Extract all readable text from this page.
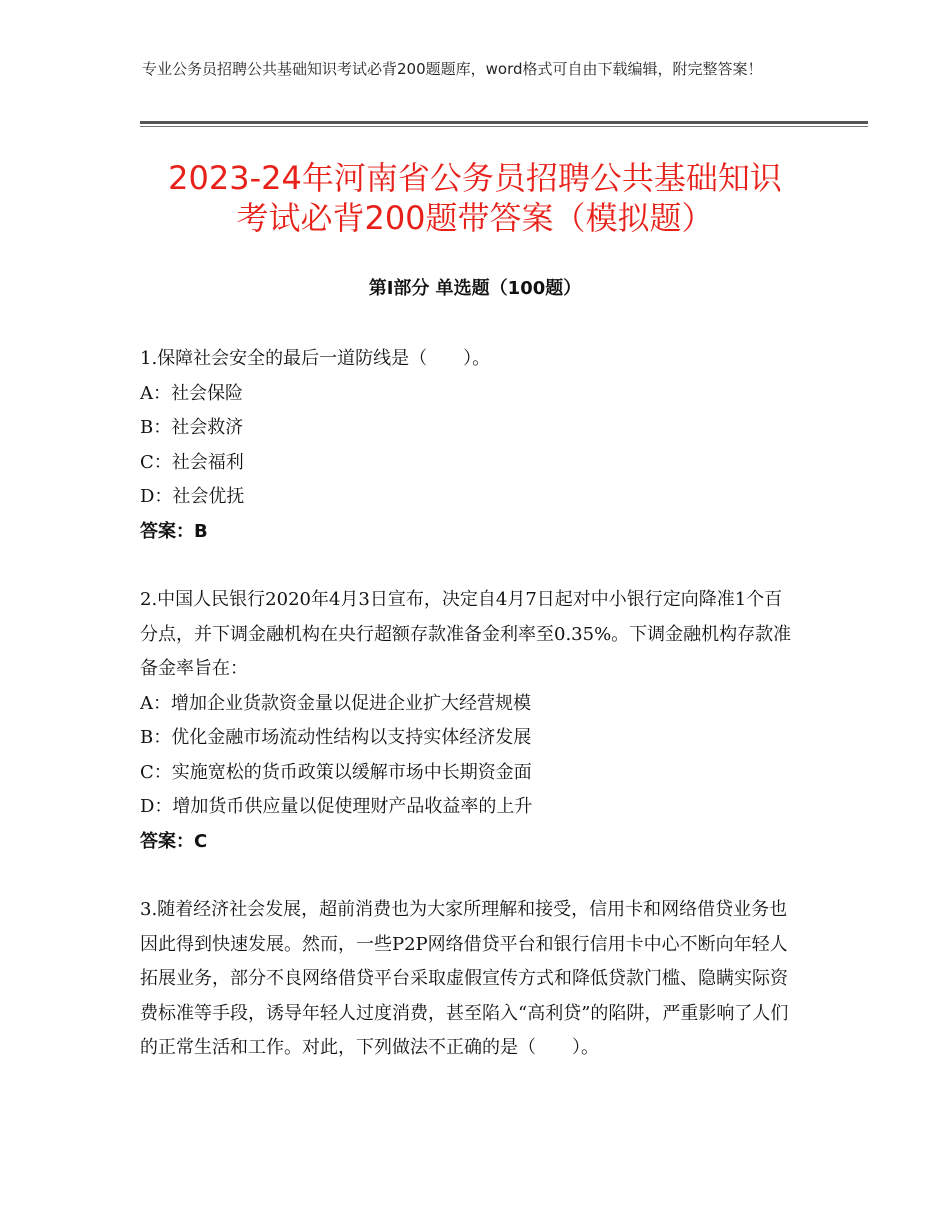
专业公务员招聘公共基础知识考试必背200题题库，word格式可自由下载编辑，附完整答案！
2023-24年河南省公务员招聘公共基础知识
考试必背200题带答案（模拟题）
第Ⅰ部分 单选题（100题）

1.保障社会安全的最后一道防线是（　　）。

A：社会保险
B：社会救济
C：社会福利
D：社会优抚
答案：B

2.中国人民银行2020年4月3日宣布，决定自4月7日起对中小银行定向降准1个百分点，并下调金融机构在央行超额存款准备金利率至0.35%。下调金融机构存款准备金率旨在：

A：增加企业货款资金量以促进企业扩大经营规模
B：优化金融市场流动性结构以支持实体经济发展
C：实施宽松的货币政策以缓解市场中长期资金面
D：增加货币供应量以促使理财产品收益率的上升
答案：C

3.随着经济社会发展，超前消费也为大家所理解和接受，信用卡和网络借贷业务也因此得到快速发展。然而，一些P2P网络借贷平台和银行信用卡中心不断向年轻人拓展业务，部分不良网络借贷平台采取虚假宣传方式和降低贷款门槛、隐瞒实际资费标准等手段，诱导年轻人过度消费，甚至陷入“高利贷”的陷阱，严重影响了人们的正常生活和工作。对此，下列做法不正确的是（　　）。
